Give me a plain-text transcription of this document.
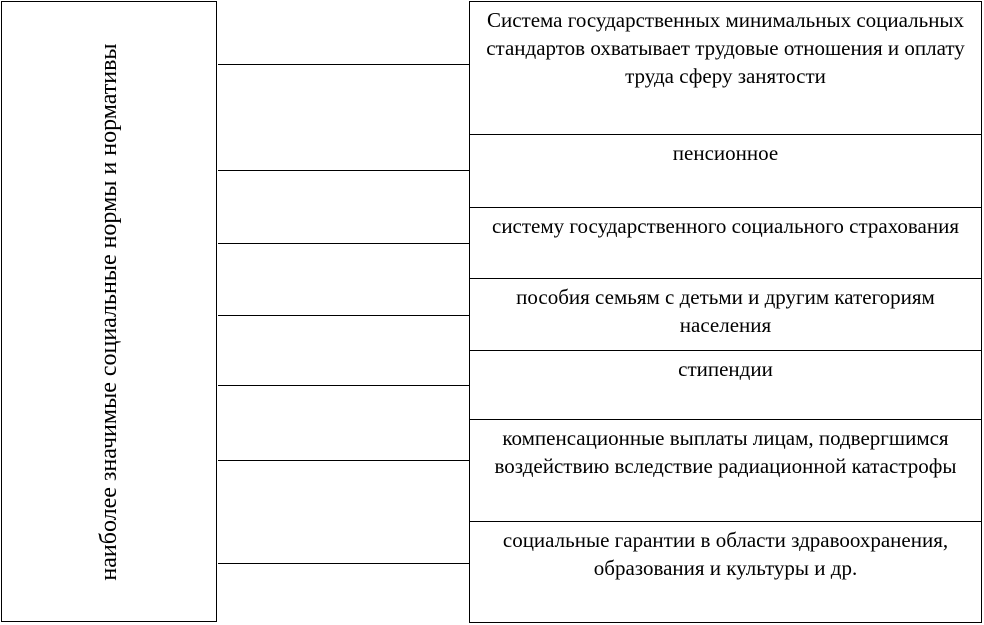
наиболее значимые социальные нормы и нормативы
Система государственных минимальных социальных стандартов охватывает трудовые отношения и оплату труда сферу занятости
пенсионное
систему государственного социального страхования
пособия семьям с детьми и другим категориям населения
стипендии
компенсационные выплаты лицам, подвергшимся воздействию вследствие радиационной катастрофы
социальные гарантии в области здравоохранения, образования и культуры и др.
